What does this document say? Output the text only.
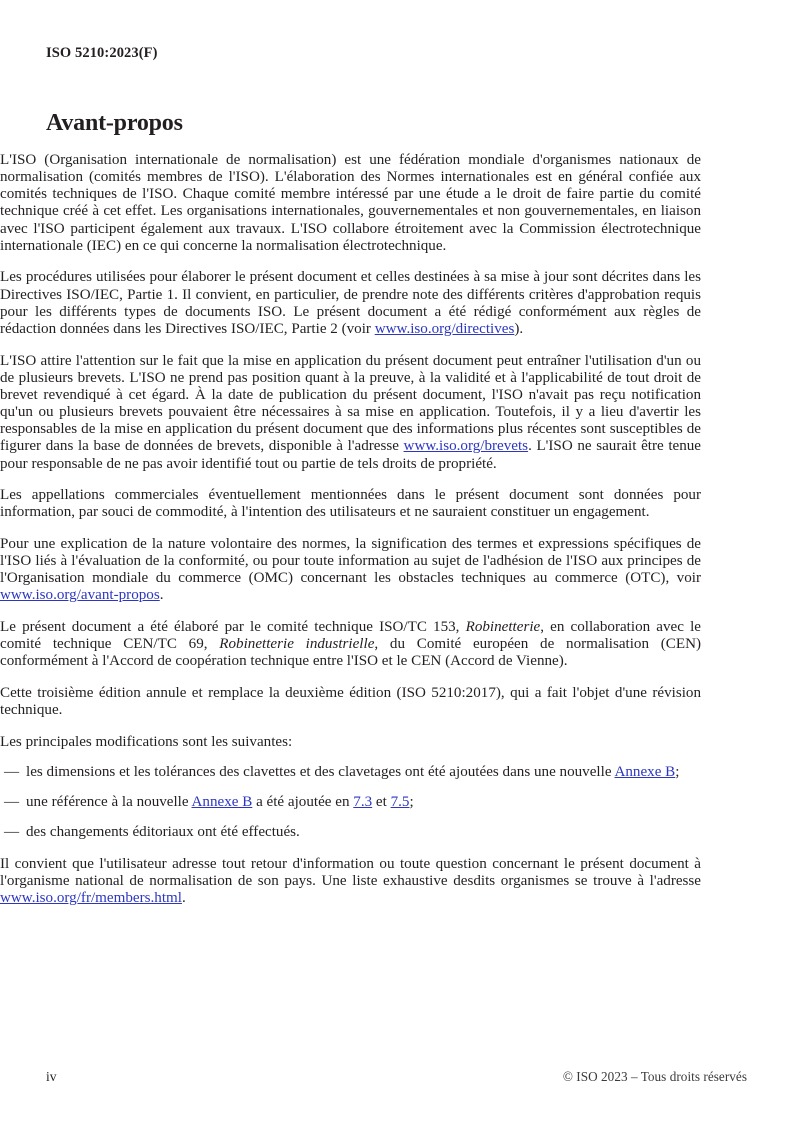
ISO 5210:2023(F)
Avant-propos

L'ISO (Organisation internationale de normalisation) est une fédération mondiale d'organismes nationaux de normalisation (comités membres de l'ISO). L'élaboration des Normes internationales est en général confiée aux comités techniques de l'ISO. Chaque comité membre intéressé par une étude a le droit de faire partie du comité technique créé à cet effet. Les organisations internationales, gouvernementales et non gouvernementales, en liaison avec l'ISO participent également aux travaux. L'ISO collabore étroitement avec la Commission électrotechnique internationale (IEC) en ce qui concerne la normalisation électrotechnique.

Les procédures utilisées pour élaborer le présent document et celles destinées à sa mise à jour sont décrites dans les Directives ISO/IEC, Partie 1. Il convient, en particulier, de prendre note des différents critères d'approbation requis pour les différents types de documents ISO. Le présent document a été rédigé conformément aux règles de rédaction données dans les Directives ISO/IEC, Partie 2 (voir www.iso.org/directives).

L'ISO attire l'attention sur le fait que la mise en application du présent document peut entraîner l'utilisation d'un ou de plusieurs brevets. L'ISO ne prend pas position quant à la preuve, à la validité et à l'applicabilité de tout droit de brevet revendiqué à cet égard. À la date de publication du présent document, l'ISO n'avait pas reçu notification qu'un ou plusieurs brevets pouvaient être nécessaires à sa mise en application. Toutefois, il y a lieu d'avertir les responsables de la mise en application du présent document que des informations plus récentes sont susceptibles de figurer dans la base de données de brevets, disponible à l'adresse www.iso.org/brevets. L'ISO ne saurait être tenue pour responsable de ne pas avoir identifié tout ou partie de tels droits de propriété.

Les appellations commerciales éventuellement mentionnées dans le présent document sont données pour information, par souci de commodité, à l'intention des utilisateurs et ne sauraient constituer un engagement.

Pour une explication de la nature volontaire des normes, la signification des termes et expressions spécifiques de l'ISO liés à l'évaluation de la conformité, ou pour toute information au sujet de l'adhésion de l'ISO aux principes de l'Organisation mondiale du commerce (OMC) concernant les obstacles techniques au commerce (OTC), voir www.iso.org/avant-propos.

Le présent document a été élaboré par le comité technique ISO/TC 153, Robinetterie, en collaboration avec le comité technique CEN/TC 69, Robinetterie industrielle, du Comité européen de normalisation (CEN) conformément à l'Accord de coopération technique entre l'ISO et le CEN (Accord de Vienne).

Cette troisième édition annule et remplace la deuxième édition (ISO 5210:2017), qui a fait l'objet d'une révision technique.

Les principales modifications sont les suivantes:

— les dimensions et les tolérances des clavettes et des clavetages ont été ajoutées dans une nouvelle Annexe B;
— une référence à la nouvelle Annexe B a été ajoutée en 7.3 et 7.5;
— des changements éditoriaux ont été effectués.

Il convient que l'utilisateur adresse tout retour d'information ou toute question concernant le présent document à l'organisme national de normalisation de son pays. Une liste exhaustive desdits organismes se trouve à l'adresse www.iso.org/fr/members.html.

iv	© ISO 2023 – Tous droits réservés
